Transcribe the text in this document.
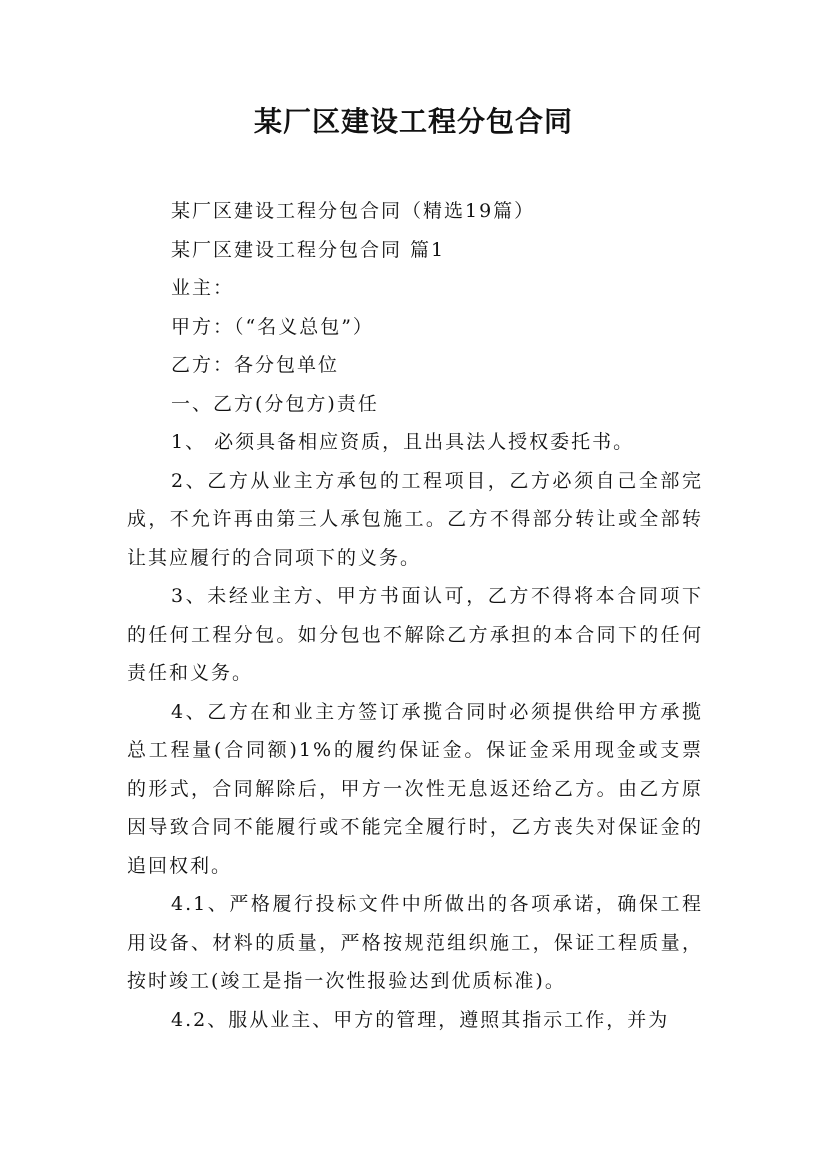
某厂区建设工程分包合同

某厂区建设工程分包合同（精选19篇）

某厂区建设工程分包合同 篇1

业主：

甲方：（“名义总包”）

乙方：各分包单位

一、乙方(分包方)责任

1、 必须具备相应资质，且出具法人授权委托书。

2、乙方从业主方承包的工程项目，乙方必须自己全部完成，不允许再由第三人承包施工。乙方不得部分转让或全部转让其应履行的合同项下的义务。

3、未经业主方、甲方书面认可，乙方不得将本合同项下的任何工程分包。如分包也不解除乙方承担的本合同下的任何责任和义务。

4、乙方在和业主方签订承揽合同时必须提供给甲方承揽总工程量(合同额)1%的履约保证金。保证金采用现金或支票的形式，合同解除后，甲方一次性无息返还给乙方。由乙方原因导致合同不能履行或不能完全履行时，乙方丧失对保证金的追回权利。

4.1、严格履行投标文件中所做出的各项承诺，确保工程用设备、材料的质量，严格按规范组织施工，保证工程质量，按时竣工(竣工是指一次性报验达到优质标准)。

4.2、服从业主、甲方的管理，遵照其指示工作，并为
